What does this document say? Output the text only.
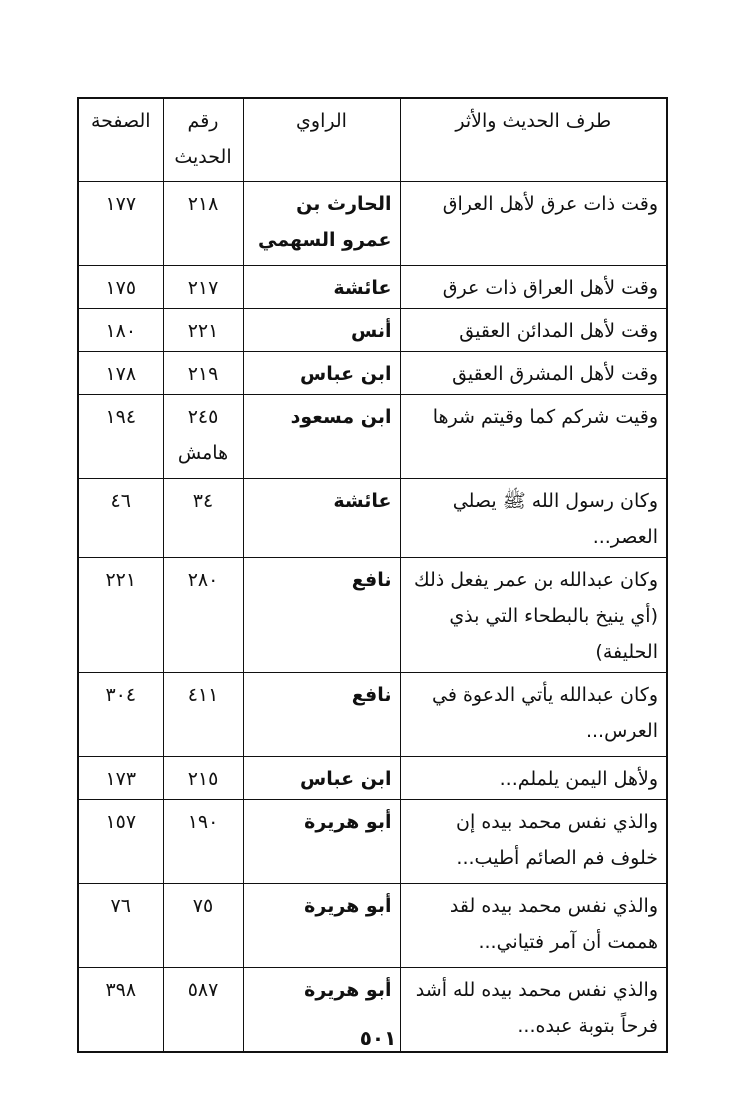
طرف الحديث والأثر	الراوي	رقم الحديث	الصفحة
وقت ذات عرق لأهل العراق	الحارث بن عمرو السهمي	٢١٨	١٧٧
وقت لأهل العراق ذات عرق	عائشة	٢١٧	١٧٥
وقت لأهل المدائن العقيق	أنس	٢٢١	١٨٠
وقت لأهل المشرق العقيق	ابن عباس	٢١٩	١٧٨
وقيت شركم كما وقيتم شرها	ابن مسعود	٢٤٥ هامش	١٩٤
وكان رسول الله ﷺ يصلي العصر...	عائشة	٣٤	٤٦
وكان عبدالله بن عمر يفعل ذلك (أي ينيخ بالبطحاء التي بذي الحليفة)	نافع	٢٨٠	٢٢١
وكان عبدالله يأتي الدعوة في العرس...	نافع	٤١١	٣٠٤
ولأهل اليمن يلملم...	ابن عباس	٢١٥	١٧٣
والذي نفس محمد بيده إن خلوف فم الصائم أطيب...	أبو هريرة	١٩٠	١٥٧
والذي نفس محمد بيده لقد هممت أن آمر فتياني...	أبو هريرة	٧٥	٧٦
والذي نفس محمد بيده لله أشد فرحاً بتوبة عبده...	أبو هريرة	٥٨٧	٣٩٨
٥٠١
